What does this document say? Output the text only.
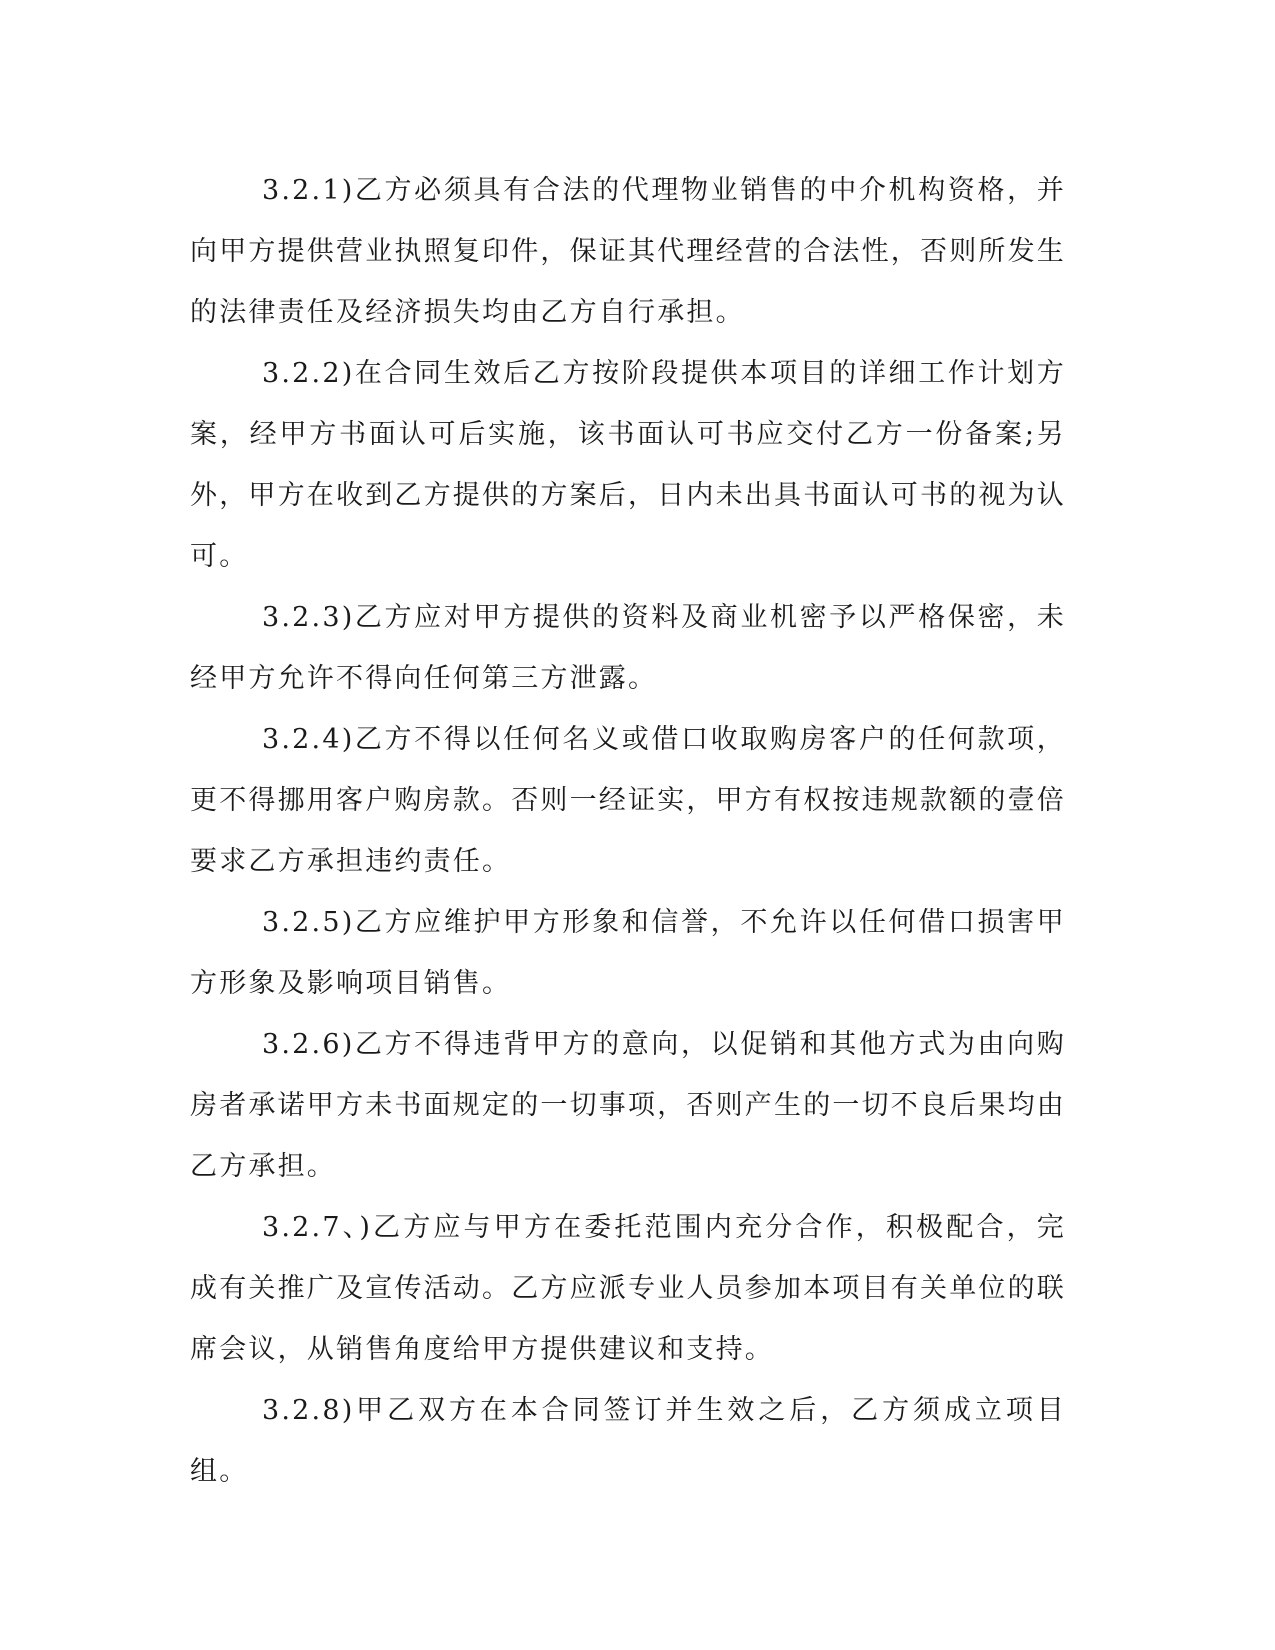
3.2.1)乙方必须具有合法的代理物业销售的中介机构资格，并向甲方提供营业执照复印件，保证其代理经营的合法性，否则所发生的法律责任及经济损失均由乙方自行承担。

3.2.2)在合同生效后乙方按阶段提供本项目的详细工作计划方案，经甲方书面认可后实施，该书面认可书应交付乙方一份备案;另外，甲方在收到乙方提供的方案后，日内未出具书面认可书的视为认可。

3.2.3)乙方应对甲方提供的资料及商业机密予以严格保密，未经甲方允许不得向任何第三方泄露。

3.2.4)乙方不得以任何名义或借口收取购房客户的任何款项，更不得挪用客户购房款。否则一经证实，甲方有权按违规款额的壹倍要求乙方承担违约责任。

3.2.5)乙方应维护甲方形象和信誉，不允许以任何借口损害甲方形象及影响项目销售。

3.2.6)乙方不得违背甲方的意向，以促销和其他方式为由向购房者承诺甲方未书面规定的一切事项，否则产生的一切不良后果均由乙方承担。

3.2.7、)乙方应与甲方在委托范围内充分合作，积极配合，完成有关推广及宣传活动。乙方应派专业人员参加本项目有关单位的联席会议，从销售角度给甲方提供建议和支持。

3.2.8)甲乙双方在本合同签订并生效之后，乙方须成立项目组。
